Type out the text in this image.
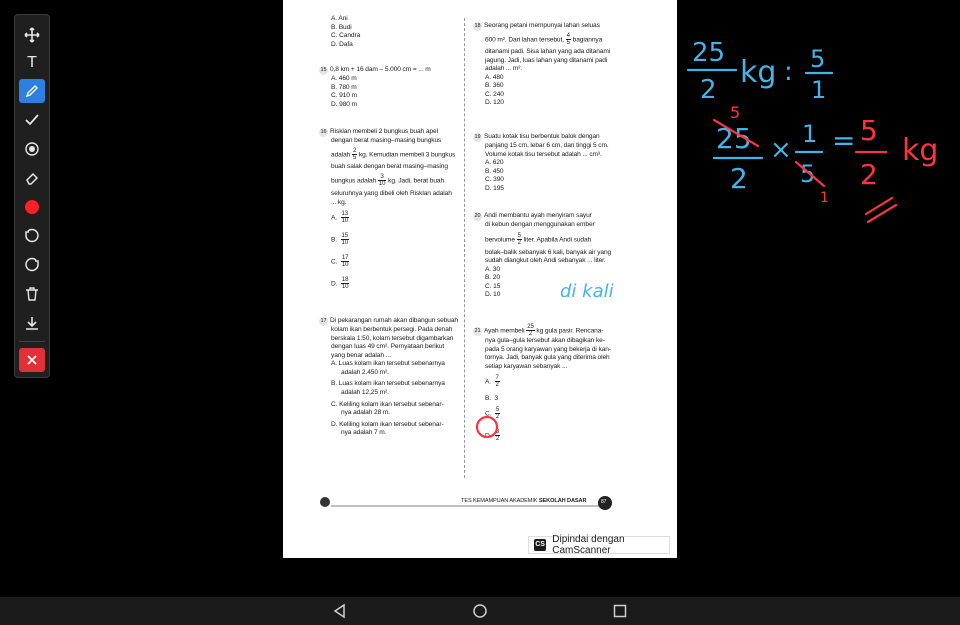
T
A. Ani
B. Budi
C. Candra
D. Dafa
15 0,8 km + 16 dam – 5.000 cm = ... m
A. 460 m
B. 780 m
C. 910 m
D. 980 m
16 Risklan membeli 2 bungkus buah apel
dengan berat masing–masing bungkus
adalah $\frac{2}{5}$ kg. Kemudian membeli 3 bungkus
buah salak dengan berat masing–masing
bungkus adalah $\frac{3}{10}$ kg. Jadi, berat buah
seluruhnya yang dibeli oleh Risklan adalah
... kg.
A. $\frac{13}{10}$
B. $\frac{15}{10}$
C. $\frac{17}{10}$
D. $\frac{18}{10}$
17 Di pekarangan rumah akan dibangun sebuah
kolam ikan berbentuk persegi. Pada denah
berskala 1:50, kolam tersebut digambarkan
dengan luas 49 cm². Pernyataan berikut
yang benar adalah ...
A. Luas kolam ikan tersebut sebenarnya
adalah 2.450 m².
B. Luas kolam ikan tersebut sebenarnya
adalah 12,25 m².
C. Keliling kolam ikan tersebut sebenar-
nya adalah 28 m.
D. Keliling kolam ikan tersebut sebenar-
nya adalah 7 m.
18 Seorang petani mempunyai lahan seluas
600 m². Dari lahan tersebut, $\frac{4}{5}$ bagiannya
ditanami padi. Sisa lahan yang ada ditanami
jagung. Jadi, luas lahan yang ditanami padi
adalah ... m².
A. 480
B. 360
C. 240
D. 120
19 Suatu kotak tisu berbentuk balok dengan
panjang 15 cm, lebar 6 cm, dan tinggi 5 cm.
Volume kotak tisu tersebut adalah ... cm³.
A. 620
B. 450
C. 390
D. 195
20 Andi membantu ayah menyiram sayur
di kebun dengan menggunakan ember
bervolume $\frac{5}{2}$ liter. Apabila Andi sudah
bolak–balik sebanyak 6 kali, banyak air yang
sudah diangkut oleh Andi sebanyak ... liter.
A. 30
B. 20
C. 15
D. 10
21 Ayah membeli $\frac{25}{2}$ kg gula pasir. Rencana-
nya gula–gula tersebut akan dibagikan ke-
pada 5 orang karyawan yang bekerja di kan-
tornya. Jadi, banyak gula yang diterima oleh
setiap karyawan sebanyak ...
A. $\frac{7}{2}$
B. 3
C. $\frac{5}{2}$
D. $\frac{3}{2}$
TES KEMAMPUAN AKADEMIK SEKOLAH DASAR	87
CS Dipindai dengan CamScanner
di kali
25
2 kg : 5
1
5
25
2
×
1
5
1
= 5
2
kg
